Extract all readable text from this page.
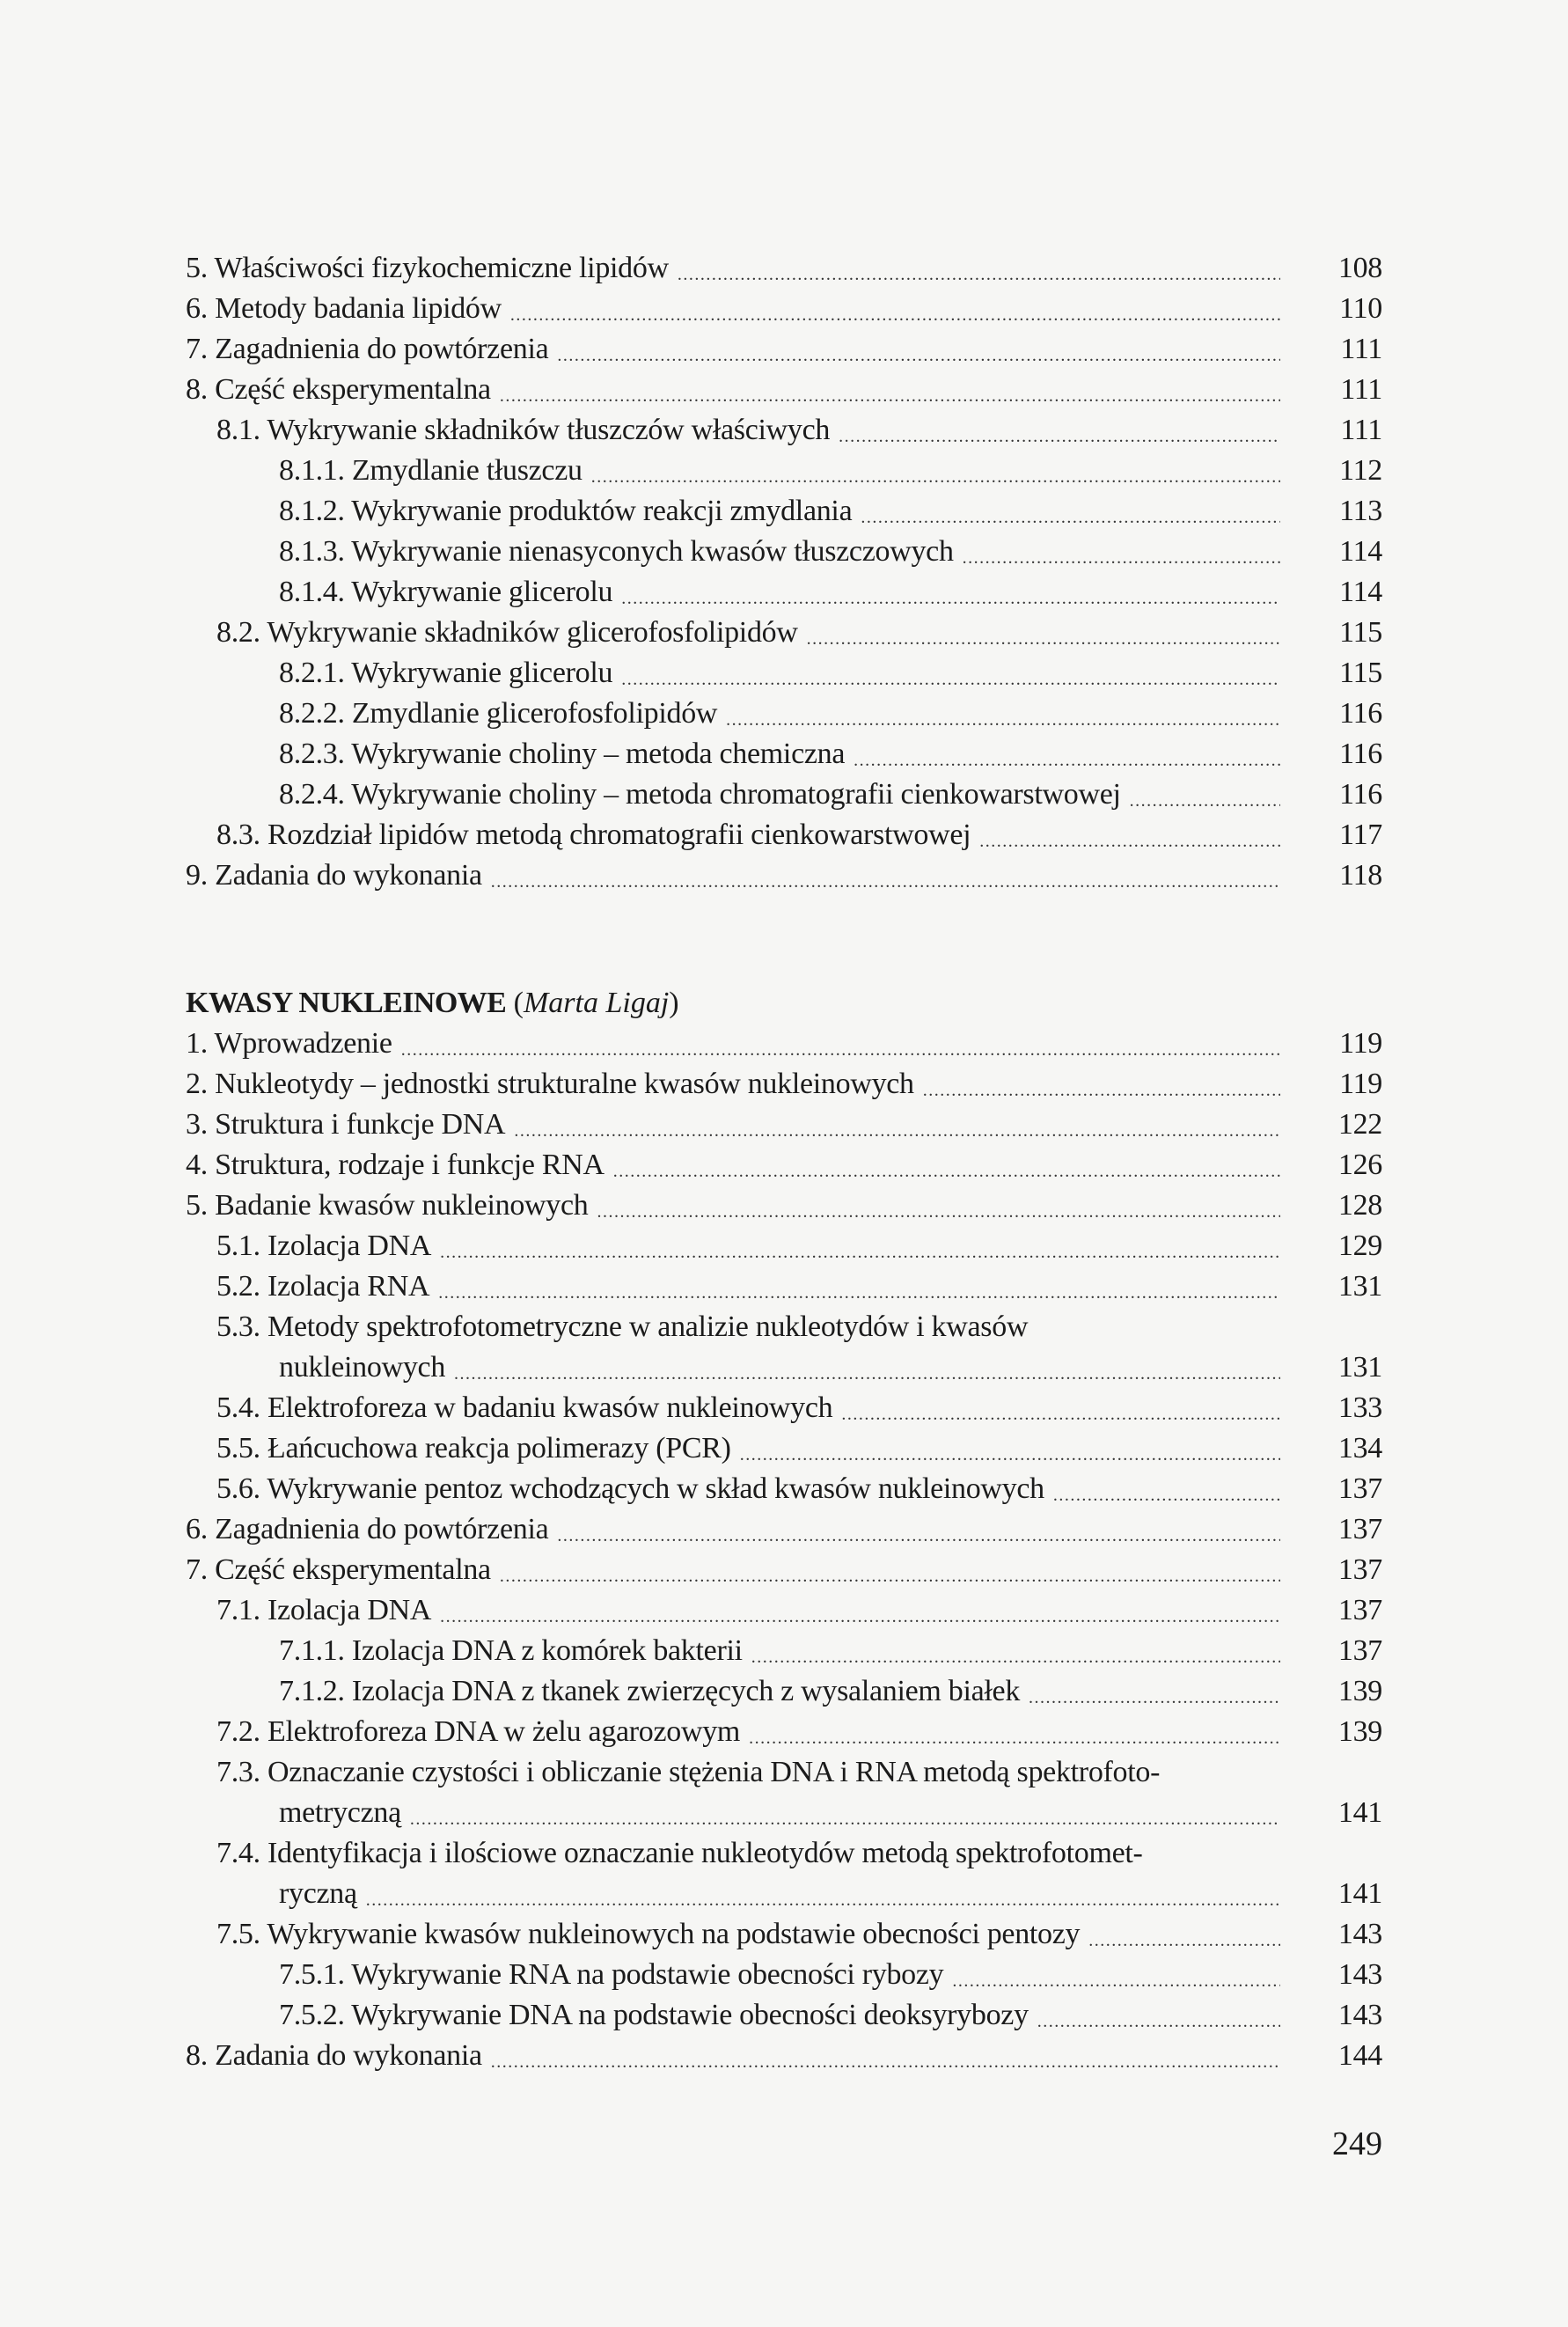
5. Właściwości fizykochemiczne lipidów .....	108
6. Metody badania lipidów .....	110
7. Zagadnienia do powtórzenia .....	111
8. Część eksperymentalna .....	111
8.1. Wykrywanie składników tłuszczów właściwych .....	111
8.1.1. Zmydlanie tłuszczu .....	112
8.1.2. Wykrywanie produktów reakcji zmydlania .....	113
8.1.3. Wykrywanie nienasyconych kwasów tłuszczowych .....	114
8.1.4. Wykrywanie glicerolu .....	114
8.2. Wykrywanie składników glicerofosfolipidów .....	115
8.2.1. Wykrywanie glicerolu .....	115
8.2.2. Zmydlanie glicerofosfolipidów .....	116
8.2.3. Wykrywanie choliny – metoda chemiczna .....	116
8.2.4. Wykrywanie choliny – metoda chromatografii cienkowarstwowej .....	116
8.3. Rozdział lipidów metodą chromatografii cienkowarstwowej .....	117
9. Zadania do wykonania .....	118
KWASY NUKLEINOWE
( Marta Ligaj )
1. Wprowadzenie .....	119
2. Nukleotydy – jednostki strukturalne kwasów nukleinowych .....	119
3. Struktura i funkcje DNA .....	122
4. Struktura, rodzaje i funkcje RNA .....	126
5. Badanie kwasów nukleinowych .....	128
5.1. Izolacja DNA .....	129
5.2. Izolacja RNA .....	131
5.3. Metody spektrofotometryczne w analizie nukleotydów i kwasów
nukleinowych .....	131
5.4. Elektroforeza w badaniu kwasów nukleinowych .....	133
5.5. Łańcuchowa reakcja polimerazy (PCR) .....	134
5.6. Wykrywanie pentoz wchodzących w skład kwasów nukleinowych .....	137
6. Zagadnienia do powtórzenia .....	137
7. Część eksperymentalna .....	137
7.1. Izolacja DNA .....	137
7.1.1. Izolacja DNA z komórek bakterii .....	137
7.1.2. Izolacja DNA z tkanek zwierzęcych z wysalaniem białek .....	139
7.2. Elektroforeza DNA w żelu agarozowym .....	139
7.3. Oznaczanie czystości i obliczanie stężenia DNA i RNA metodą spektrofoto-
metryczną .....	141
7.4. Identyfikacja i ilościowe oznaczanie nukleotydów metodą spektrofotomet-
ryczną .....	141
7.5. Wykrywanie kwasów nukleinowych na podstawie obecności pentozy .....	143
7.5.1. Wykrywanie RNA na podstawie obecności rybozy .....	143
7.5.2. Wykrywanie DNA na podstawie obecności deoksyrybozy .....	143
8. Zadania do wykonania .....	144
249
